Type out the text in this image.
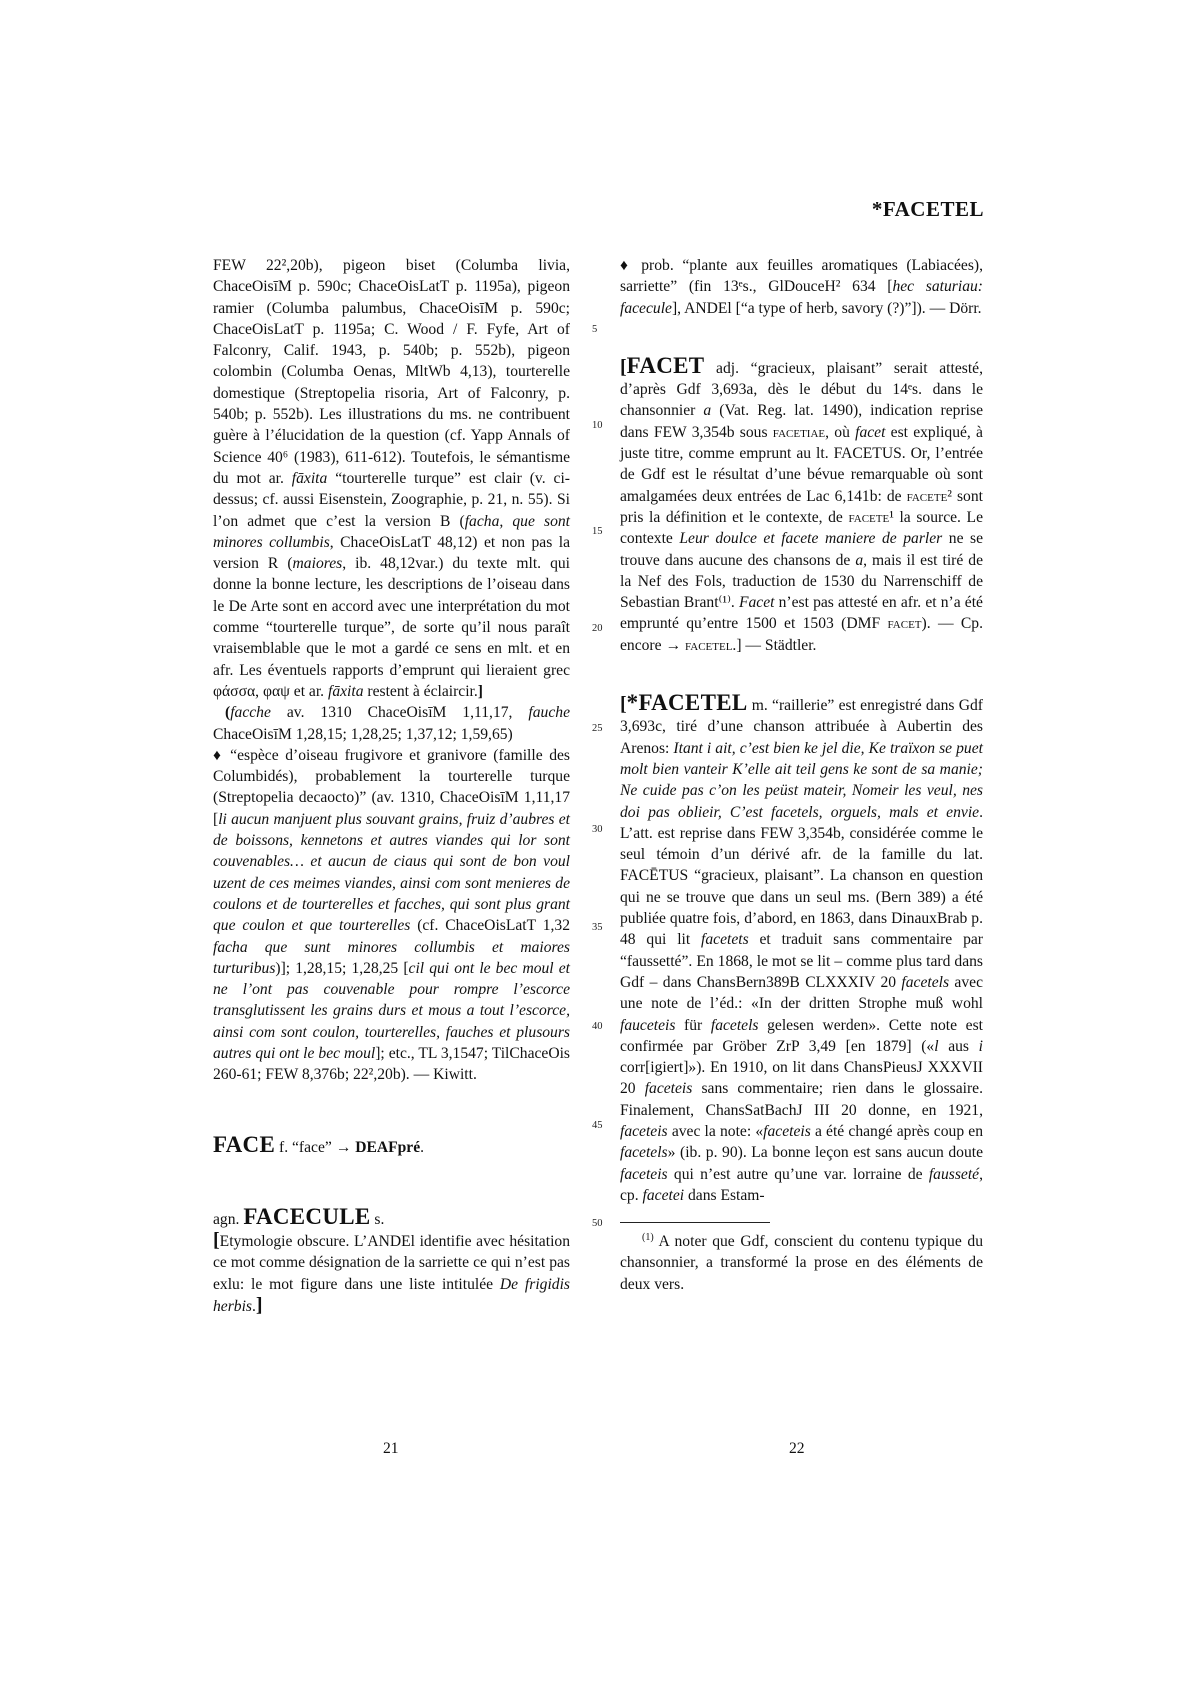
*FACETEL

FEW 22²,20b), pigeon biset (Columba livia, ChaceOisīM p. 590c; ChaceOisLatT p. 1195a), pigeon ramier (Columba palumbus, ChaceOisīM p. 590c; ChaceOisLatT p. 1195a; C. Wood / F. Fyfe, Art of Falconry, Calif. 1943, p. 540b; p. 552b), pigeon colombin (Columba Oenas, MltWb 4,13), tourterelle domestique (Streptopelia risoria, Art of Falconry, p. 540b; p. 552b). Les illustrations du ms. ne contribuent guère à l’élucidation de la question (cf. Yapp Annals of Science 40⁶ (1983), 611-612). Toutefois, le sémantisme du mot ar. fāxita “tourterelle turque” est clair (v. ci-dessus; cf. aussi Eisenstein, Zoographie, p. 21, n. 55). Si l’on admet que c’est la version B (facha, que sont minores collumbis, ChaceOisLatT 48,12) et non pas la version R (maiores, ib. 48,12var.) du texte mlt. qui donne la bonne lecture, les descriptions de l’oiseau dans le De Arte sont en accord avec une interprétation du mot comme “tourterelle turque”, de sorte qu’il nous paraît vraisemblable que le mot a gardé ce sens en mlt. et en afr. Les éventuels rapports d’emprunt qui lieraient grec φάσσα, φαψ et ar. fāxita restent à éclaircir.]

(facche av. 1310 ChaceOisīM 1,11,17, fauche ChaceOisīM 1,28,15; 1,28,25; 1,37,12; 1,59,65)

♦ “espèce d’oiseau frugivore et granivore (famille des Columbidés), probablement la tourterelle turque (Streptopelia decaocto)” (av. 1310, ChaceOisīM 1,11,17 [li aucun manjuent plus souvant grains, fruiz d’aubres et de boissons, kennetons et autres viandes qui lor sont couvenables… et aucun de ciaus qui sont de bon voul uzent de ces meimes viandes, ainsi com sont menieres de coulons et de tourterelles et facches, qui sont plus grant que coulon et que tourterelles (cf. ChaceOisLatT 1,32 facha que sunt minores collumbis et maiores turturibus)]; 1,28,15; 1,28,25 [cil qui ont le bec moul et ne l’ont pas couvenable pour rompre l’escorce transglutissent les grains durs et mous a tout l’escorce, ainsi com sont coulon, tourterelles, fauches et plusours autres qui ont le bec moul]; etc., TL 3,1547; TilChaceOis 260-61; FEW 8,376b; 22²,20b). — Kiwitt.

FACE f. “face” → DEAFpré.

agn. FACECULE s.

[Etymologie obscure. L’ANDEl identifie avec hésitation ce mot comme désignation de la sarriette ce qui n’est pas exlu: le mot figure dans une liste intitulée De frigidis herbis.]

5
10
15
20
25
30
35
40
45
50

♦ prob. “plante aux feuilles aromatiques (Labiacées), sarriette” (fin 13ᵉs., GlDouceH² 634 [hec saturiau: facecule], ANDEl [“a type of herb, savory (?)”]). — Dörr.

[FACET adj. “gracieux, plaisant” serait attesté, d’après Gdf 3,693a, dès le début du 14ᵉs. dans le chansonnier a (Vat. Reg. lat. 1490), indication reprise dans FEW 3,354b sous facetiae, où facet est expliqué, à juste titre, comme emprunt au lt. FACETUS. Or, l’entrée de Gdf est le résultat d’une bévue remarquable où sont amalgamées deux entrées de Lac 6,141b: de facete² sont pris la définition et le contexte, de facete¹ la source. Le contexte Leur doulce et facete maniere de parler ne se trouve dans aucune des chansons de a, mais il est tiré de la Nef des Fols, traduction de 1530 du Narrenschiff de Sebastian Brant⁽¹⁾. Facet n’est pas attesté en afr. et n’a été emprunté qu’entre 1500 et 1503 (DMF facet). — Cp. encore → facetel.] — Städtler.

[*FACETEL m. “raillerie” est enregistré dans Gdf 3,693c, tiré d’une chanson attribuée à Aubertin des Arenos: Itant i ait, c’est bien ke jel die, Ke traïxon se puet molt bien vanteir K’elle ait teil gens ke sont de sa manie; Ne cuide pas c’on les peüst mateir, Nomeir les veul, nes doi pas oblieir, C’est facetels, orguels, mals et envie. L’att. est reprise dans FEW 3,354b, considérée comme le seul témoin d’un dérivé afr. de la famille du lat. FACĒTUS “gracieux, plaisant”. La chanson en question qui ne se trouve que dans un seul ms. (Bern 389) a été publiée quatre fois, d’abord, en 1863, dans DinauxBrab p. 48 qui lit facetets et traduit sans commentaire par “faussetté”. En 1868, le mot se lit – comme plus tard dans Gdf – dans ChansBern389B CLXXXIV 20 facetels avec une note de l’éd.: «In der dritten Strophe muß wohl fauceteis für facetels gelesen werden». Cette note est confirmée par Gröber ZrP 3,49 [en 1879] («l aus i corr[igiert]»). En 1910, on lit dans ChansPieusJ XXXVII 20 faceteis sans commentaire; rien dans le glossaire. Finalement, ChansSatBachJ III 20 donne, en 1921, faceteis avec la note: «faceteis a été changé après coup en facetels» (ib. p. 90). La bonne leçon est sans aucun doute faceteis qui n’est autre qu’une var. lorraine de fausseté, cp. facetei dans Estam-

$^{(1)}$ A noter que Gdf, conscient du contenu typique du chansonnier, a transformé la prose en des éléments de deux vers.

21	22
